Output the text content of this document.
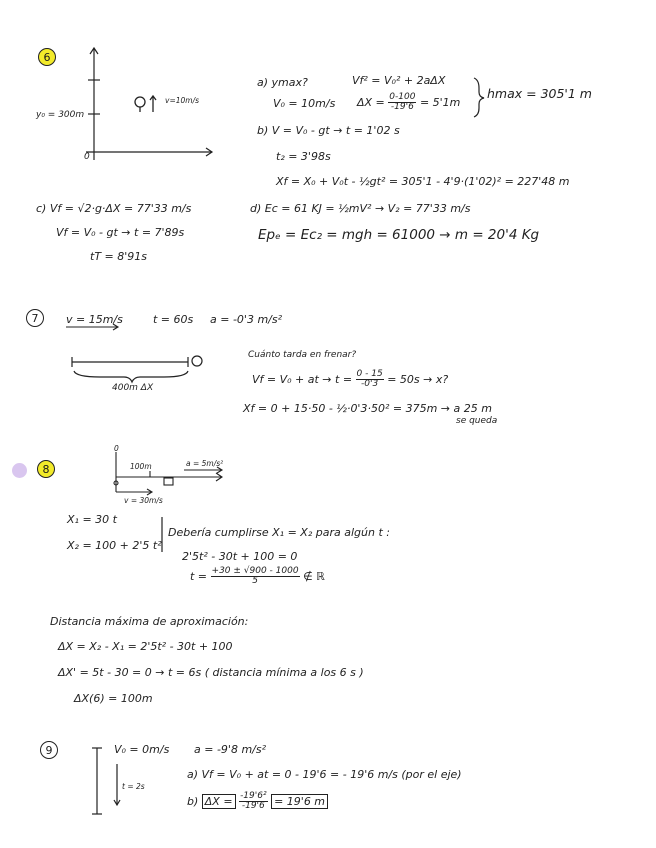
6
y₀ = 300m
v=10m/s
0
a) ymax?	Vf² = V₀² + 2aΔX
V₀ = 10m/s $\Delta X = \frac{0-100}{-19'6} = 5'1m$
hmax = 305'1 m
b) V = V₀ - gt → t = 1'02 s
t₂ = 3'98s
Xf = X₀ + V₀t - ½gt² = 305'1 - 4'9·(1'02)² = 227'48 m
c) Vf = √2·g·ΔX = 77'33 m/s
Vf = V₀ - gt → t = 7'89s
tT = 8'91s
d) Ec = 61 KJ = ½mV² → V₂ = 77'33 m/s
Epₑ = Ec₂ = mgh = 61000 → m = 20'4 Kg
7	v = 15m/s	t = 60s a = -0'3 m/s²
400m ΔX
Cuánto tarda en frenar?
Vf = V₀ + at → $t = \frac{0 - 15}{-0'3} = 50s \to x$?
Xf = 0 + 15·50 - ½·0'3·50² = 375m → a 25 m
se queda
8
0
100m	a = 5m/s²
v = 30m/s
X₁ = 30 t
X₂ = 100 + 2'5 t²
Debería cumplirse X₁ = X₂ para algún t :
2'5t² - 30t + 100 = 0
$t = \frac{+30 \pm √900 - 1000}{5}$ ∉ ℝ
Distancia máxima de aproximación:
ΔX = X₂ - X₁ = 2'5t² - 30t + 100
ΔX' = 5t - 30 = 0 → t = 6s ( distancia mínima a los 6 s )
ΔX(6) = 100m
9	V₀ = 0m/s a = -9'8 m/s²
t = 2s
a) Vf = V₀ + at = 0 - 19'6 = - 19'6 m/s (por el eje)
b) $\Delta X = \frac{\text{-19'6²}}{-19'6} = 19'6$ m
